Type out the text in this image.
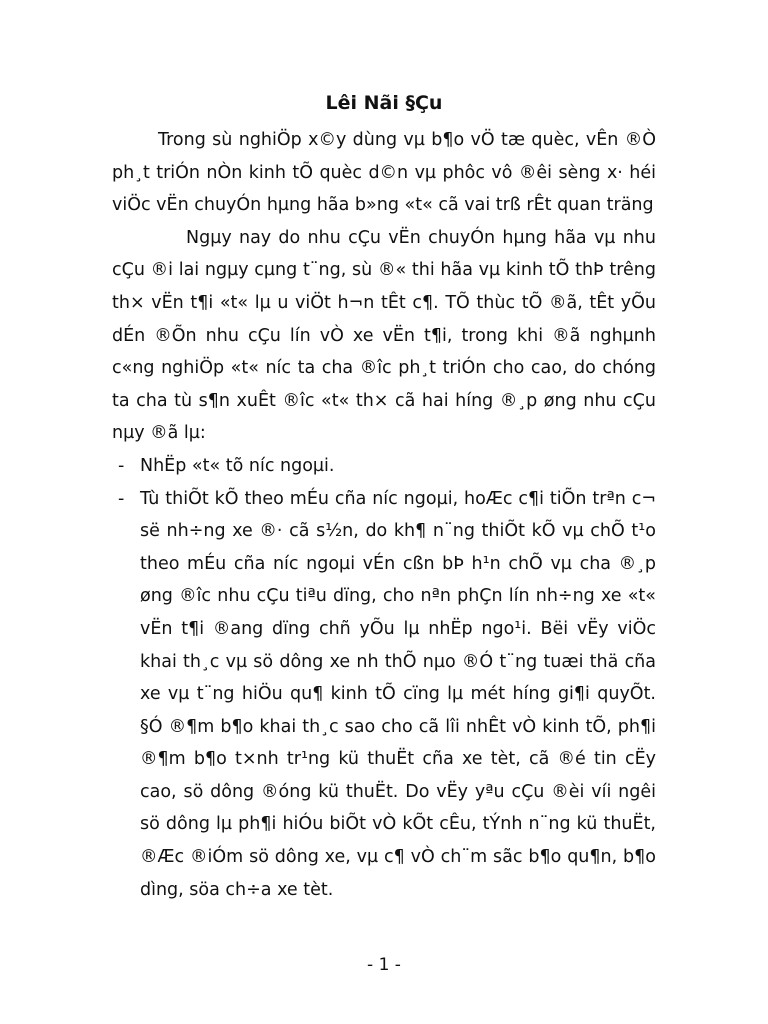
Lêi Nãi §Çu

Trong sù nghiÖp x©y dùng vµ b¶o vÖ tæ quèc, vÊn ®Ò ph¸t triÓn nÒn kinh tÕ quèc d©n vµ phôc vô ®êi sèng x· héi viÖc vËn chuyÓn hµng hãa b»ng «t« cã vai trß rÊt quan träng

Ngµy nay do nhu cÇu vËn chuyÓn hµng hãa vµ nhu cÇu ®i lai ngµy cµng t¨ng, sù ®« thi hãa vµ kinh tÕ thÞ trêng th× vËn t¶i «t« lµ u viÖt h¬n tÊt c¶. TÕ thùc tÕ ®ã, tÊt yÕu dÉn ®Õn nhu cÇu lín vÒ xe vËn t¶i, trong khi ®ã nghµnh c«ng nghiÖp «t« níc ta cha ®îc ph¸t triÓn cho cao, do chóng ta cha tù s¶n xuÊt ®îc «t« th× cã hai híng ®¸p øng nhu cÇu nµy ®ã lµ:

- NhËp «t« tõ níc ngoµi.
- Tù thiÕt kÕ theo mÉu cña níc ngoµi, hoÆc c¶i tiÕn trªn c¬ së nh÷ng xe ®· cã s½n, do kh¶ n¨ng thiÕt kÕ vµ chÕ t¹o theo mÉu cña níc ngoµi vÉn cßn bÞ h¹n chÕ vµ cha ®¸p øng ®îc nhu cÇu tiªu dïng, cho nªn phÇn lín nh÷ng xe «t« vËn t¶i ®ang dïng chñ yÕu lµ nhËp ngo¹i. Bëi vËy viÖc khai th¸c vµ sö dông xe nh thÕ nµo ®Ó t¨ng tuæi thä cña xe vµ t¨ng hiÖu qu¶ kinh tÕ cïng lµ mét híng gi¶i quyÕt. §Ó ®¶m b¶o khai th¸c sao cho cã lîi nhÊt vÒ kinh tÕ, ph¶i ®¶m b¶o t×nh tr¹ng kü thuËt cña xe tèt, cã ®é tin cËy cao, sö dông ®óng kü thuËt. Do vËy yªu cÇu ®èi víi ngêi sö dông lµ ph¶i hiÓu biÕt vÒ kÕt cÊu, tÝnh n¨ng kü thuËt, ®Æc ®iÓm sö dông xe, vµ c¶ vÒ ch¨m sãc b¶o qu¶n, b¶o dìng, söa ch÷a xe tèt.

- 1 -
